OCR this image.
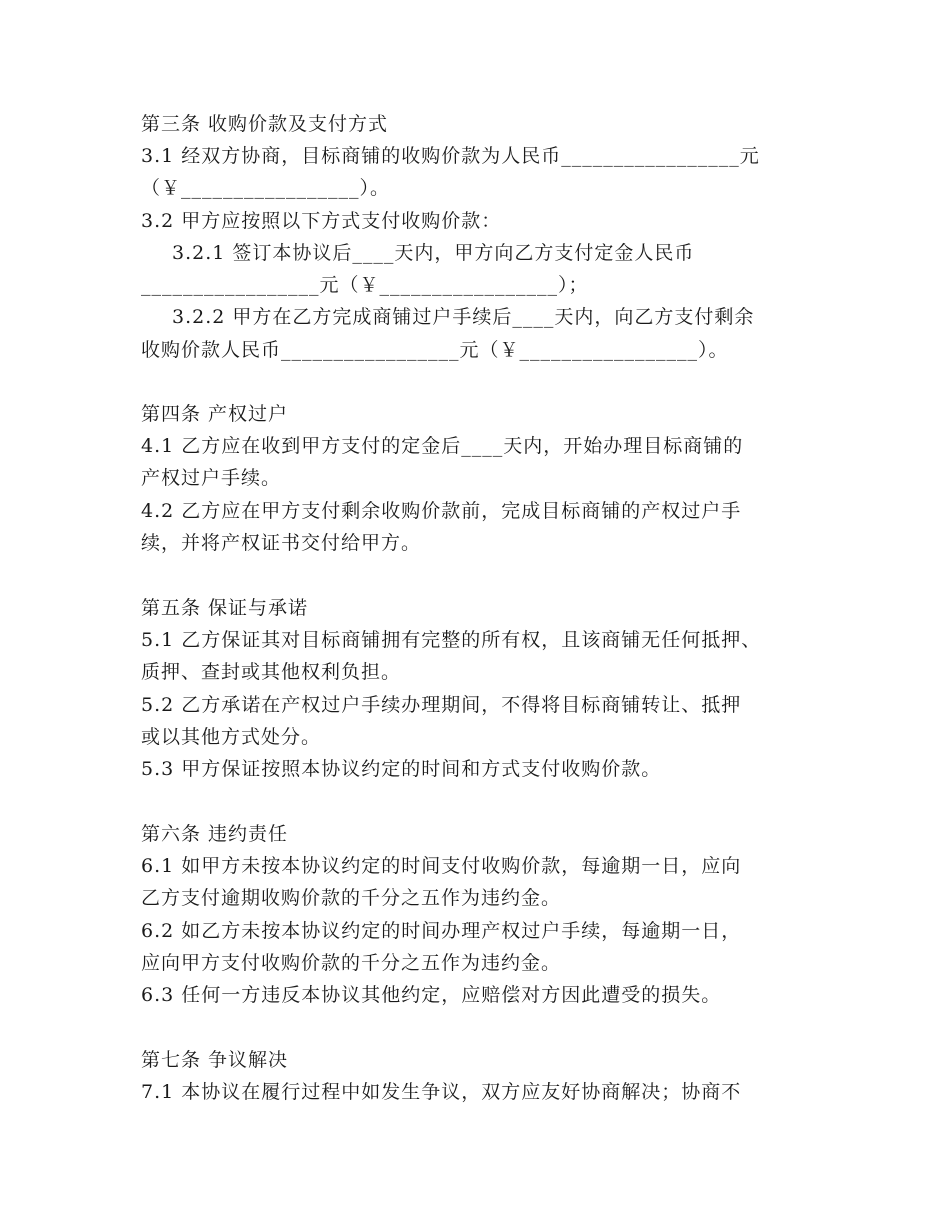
第三条 收购价款及支付方式
3.1 经双方协商，目标商铺的收购价款为人民币_________________元
（￥_________________）。
3.2 甲方应按照以下方式支付收购价款：
3.2.1 签订本协议后____天内，甲方向乙方支付定金人民币
_________________元（￥_________________）；
3.2.2 甲方在乙方完成商铺过户手续后____天内，向乙方支付剩余
收购价款人民币_________________元（￥_________________）。
第四条 产权过户
4.1 乙方应在收到甲方支付的定金后____天内，开始办理目标商铺的
产权过户手续。
4.2 乙方应在甲方支付剩余收购价款前，完成目标商铺的产权过户手
续，并将产权证书交付给甲方。
第五条 保证与承诺
5.1 乙方保证其对目标商铺拥有完整的所有权，且该商铺无任何抵押、
质押、查封或其他权利负担。
5.2 乙方承诺在产权过户手续办理期间，不得将目标商铺转让、抵押
或以其他方式处分。
5.3 甲方保证按照本协议约定的时间和方式支付收购价款。
第六条 违约责任
6.1 如甲方未按本协议约定的时间支付收购价款，每逾期一日，应向
乙方支付逾期收购价款的千分之五作为违约金。
6.2 如乙方未按本协议约定的时间办理产权过户手续，每逾期一日，
应向甲方支付收购价款的千分之五作为违约金。
6.3 任何一方违反本协议其他约定，应赔偿对方因此遭受的损失。
第七条 争议解决
7.1 本协议在履行过程中如发生争议，双方应友好协商解决；协商不
